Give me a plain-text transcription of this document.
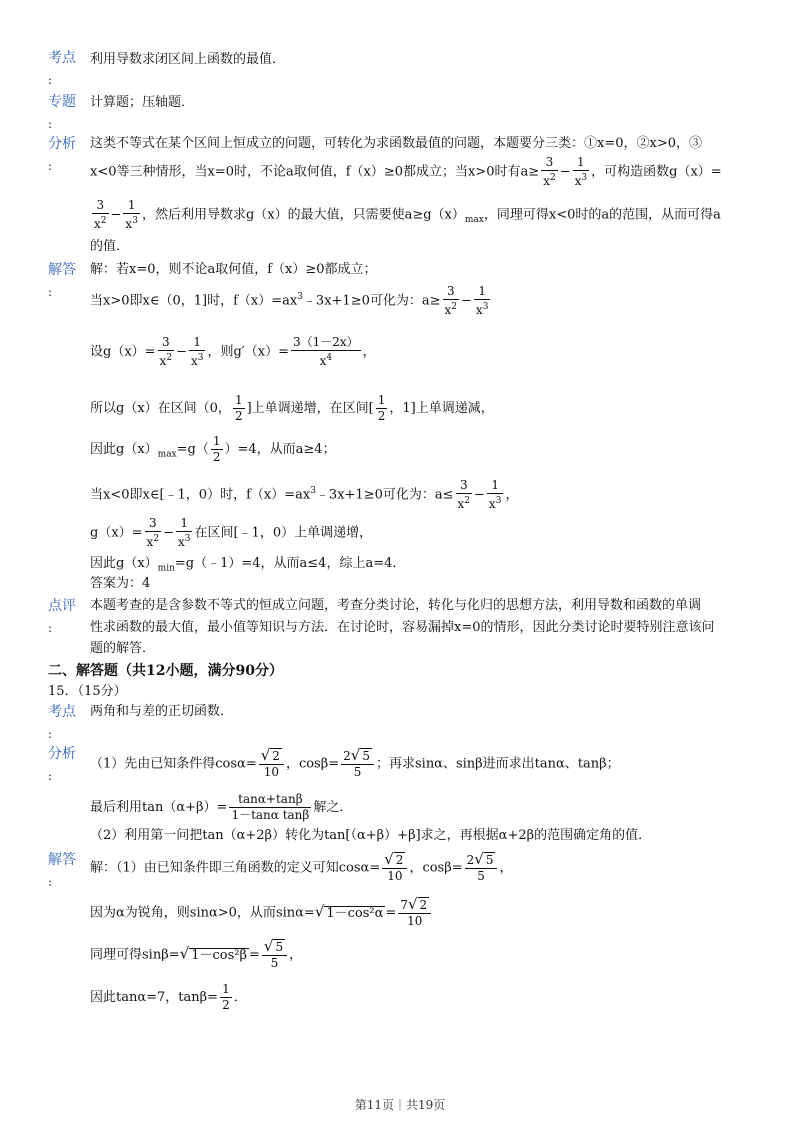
考点
:
利用导数求闭区间上函数的最值．
专题
:
计算题；压轴题．
分析
:
这类不等式在某个区间上恒成立的问题，可转化为求函数最值的问题，本题要分三类：①x=0，②x>0，③
x<0等三种情形，当x=0时，不论a取何值，f（x）≥0都成立；当x>0时有$a\ge \frac{3}{x^2} - \frac{1}{x^3}$ ，可构造函数g（x）=
$\frac{3}{x^2} - \frac{1}{x^3}$ ，然后利用导数求g（x）的最大值，只需要使$a\ge g(x)_{max}$，同理可得x<0时的a的范围，从而可得a
的值．
解答
:
解：若x=0，则不论a取何值，f（x）≥0都成立；
当x>0即x∈（0，1]时，$f(x)=ax^3﹣3x+1\ge 0$可化为：$a\ge \frac{3}{x^2} - \frac{1}{x^3}$
设$g(x)= \frac{3}{x^2} - \frac{1}{x^3}$ ，则$g'(x)= \frac{3(1-2x)}{x^4}$ ，
所以g（x）在区间（0， $\frac{1}{2}$ ]上单调递增，在区间[ $\frac{1}{2}$ ，1]上单调递减，
因此$g(x)_{max}=g( \frac{1}{2} )=4$，从而a≥4；
当x<0即x∈[﹣1，0）时，$f(x)=ax^3﹣3x+1\ge 0$可化为：$a\le \frac{3}{x^2} - \frac{1}{x^3}$ ，
$g(x)= \frac{3}{x^2} - \frac{1}{x^3}$ 在区间[﹣1，0）上单调递增，
因此$g(x)_{min}=g(﹣1)=4$，从而a≤4，综上a=4．
答案为：4
点评
:
本题考查的是含参数不等式的恒成立问题，考查分类讨论，转化与化归的思想方法，利用导数和函数的单调
性求函数的最大值，最小值等知识与方法．在讨论时，容易漏掉x=0的情形，因此分类讨论时要特别注意该问
题的解答．
二、解答题（共12小题，满分90分）
15．（15分）
考点
:
两角和与差的正切函数．
分析
:
（1）先由已知条件得$\cos\alpha= \frac{√ 2}{10}$ ，$\cos\beta= \frac{2√ 5}{5}$ ；再求sinα、sinβ进而求出tanα、tanβ；
最后利用$\tan(\alpha+\beta)= \frac{\tan\alpha+\tan\beta}{\text{1－tanα tanβ}}$ 解之．
（2）利用第一问把tan（α+2β）转化为tan[（α+β）+β]求之，再根据α+2β的范围确定角的值．
解答
:
解：（1）由已知条件即三角函数的定义可知$\cos\alpha= \frac{√ 2}{10}$ ，$\cos\beta= \frac{2√ 5}{5}$ ，
因为α为锐角，则sinα>0，从而sinα=√ $1-\cos^2\alpha = \frac{7√ 2}{10}$
同理可得sinβ=√ $1-\cos^2\beta = \frac{√ 5}{5}$ ，
因此tanα=7，$\tan\beta= \frac{1}{2}$ ．
第11页｜共19页
